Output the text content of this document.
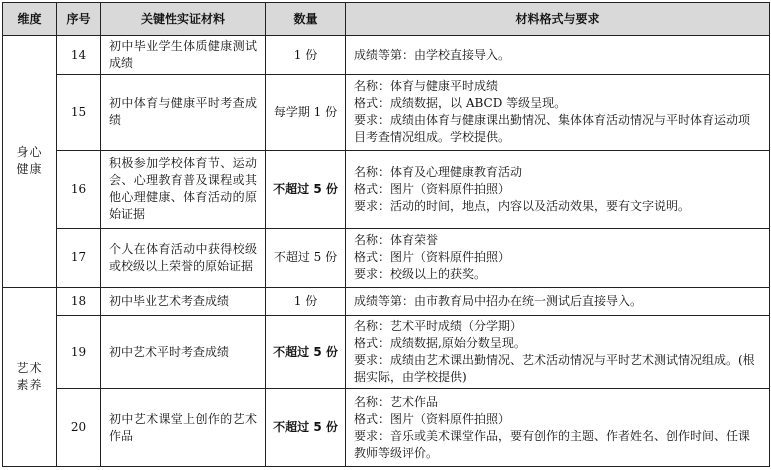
维度	序号	关键性实证材料	数量	材料格式与要求

身心
健康	14	初中毕业学生体质健康测试成绩	1 份	成绩等第：由学校直接导入。

	15	初中体育与健康平时考查成绩	每学期 1 份	名称：体育与健康平时成绩
格式：成绩数据，以 ABCD 等级呈现。
要求：成绩由体育与健康课出勤情况、集体体育活动情况与平时体育运动项目考查情况组成。学校提供。

	16	积极参加学校体育节、运动会、心理教育普及课程或其他心理健康、体育活动的原始证据	不超过 5 份	名称：体育及心理健康教育活动
格式：图片（资料原件拍照）
要求：活动的时间，地点，内容以及活动效果，要有文字说明。

	17	个人在体育活动中获得校级或校级以上荣誉的原始证据	不超过 5 份	名称：体育荣誉
格式：图片（资料原件拍照）
要求：校级以上的获奖。

艺术
素养	18	初中毕业艺术考查成绩	1 份	成绩等第：由市教育局中招办在统一测试后直接导入。

	19	初中艺术平时考查成绩	不超过 5 份	名称：艺术平时成绩（分学期）
格式：成绩数据,原始分数呈现。
要求：成绩由艺术课出勤情况、艺术活动情况与平时艺术测试情况组成。(根据实际，由学校提供)

	20	初中艺术课堂上创作的艺术作品	不超过 5 份	名称：艺术作品
格式：图片（资料原件拍照）
要求：音乐或美术课堂作品，要有创作的主题、作者姓名、创作时间、任课教师等级评价。
